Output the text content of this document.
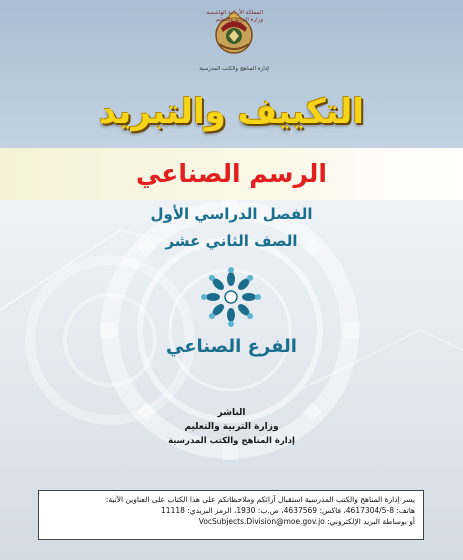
المملكة الأردنية الهاشمية
وزارة التربية والتعليم
إدارة المناهج والكتب المدرسية
التكييف والتبريد
الرسم الصناعي
الفصل الدراسي الأول
الصف الثاني عشر
الفرع الصناعي
الناشر
وزارة التربية والتعليم
إدارة المناهج والكتب المدرسية
يسر إدارة المناهج والكتب المدرسية استقبال آرائكم وملاحظاتكم على هذا الكتاب على العناوين الآتية:
هاتف: 8-4617304/5، فاكس: 4637569، ص.ب: 1930، الرمز البريدي: 11118
أو بوساطة البريد الإلكتروني: VocSubjects.Division@moe.gov.jo
